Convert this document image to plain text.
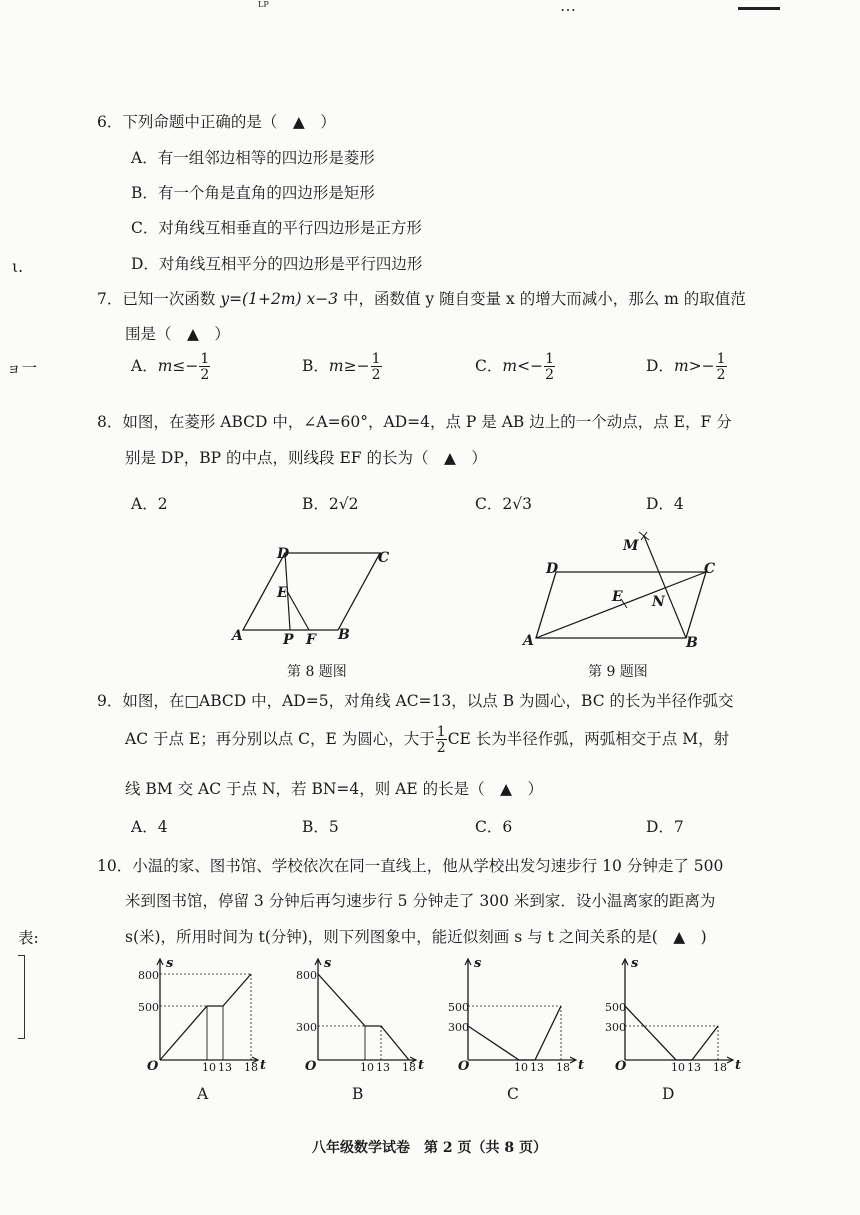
LP	…
ι.
ョ一
表:
6．下列命题中正确的是（　▲　）
A．有一组邻边相等的四边形是菱形
B．有一个角是直角的四边形是矩形
C．对角线互相垂直的平行四边形是正方形
D．对角线互相平分的四边形是平行四边形
7．已知一次函数 y=(1+2m) x−3 中，函数值 y 随自变量 x 的增大而减小，那么 m 的取值范
围是（　▲　）
A．$m\le- \frac{1}{2}$	B．$m\ge- \frac{1}{2}$	C．$m<- \frac{1}{2}$	D．$m>- \frac{1}{2}$
8．如图，在菱形 ABCD 中，∠A=60°，AD=4，点 P 是 AB 边上的一个动点，点 E，F 分
别是 DP，BP 的中点，则线段 EF 的长为（　▲　）
A．2	B．2√2	C．2√3	D．4
A	B
C
D
E
P F
第 8 题图
A	B
C
D
E N
M
第 9 题图
9．如图，在□ABCD 中，AD=5，对角线 AC=13，以点 B 为圆心，BC 的长为半径作弧交
AC 于点 E；再分别以点 C，E 为圆心，大于 $\frac{1}{2}$ CE 长为半径作弧，两弧相交于点 M，射
线 BM 交 AC 于点 N，若 BN=4，则 AE 的长是（　▲　）
A．4	B．5	C．6	D．7
10．小温的家、图书馆、学校依次在同一直线上，他从学校出发匀速步行 10 分钟走了 500
米到图书馆，停留 3 分钟后再匀速步行 5 分钟走了 300 米到家．设小温离家的距离为
s(米)，所用时间为 t(分钟)，则下列图象中，能近似刻画 s 与 t 之间关系的是(　▲　)
s
t
O
800
500
10 13 18
A
s
t
O
800
300
10 13 18
B
s
t
O
500
300
10 13 18
C
s
t
O
500
300
10 13 18
D
八年级数学试卷　第 2 页（共 8 页）
